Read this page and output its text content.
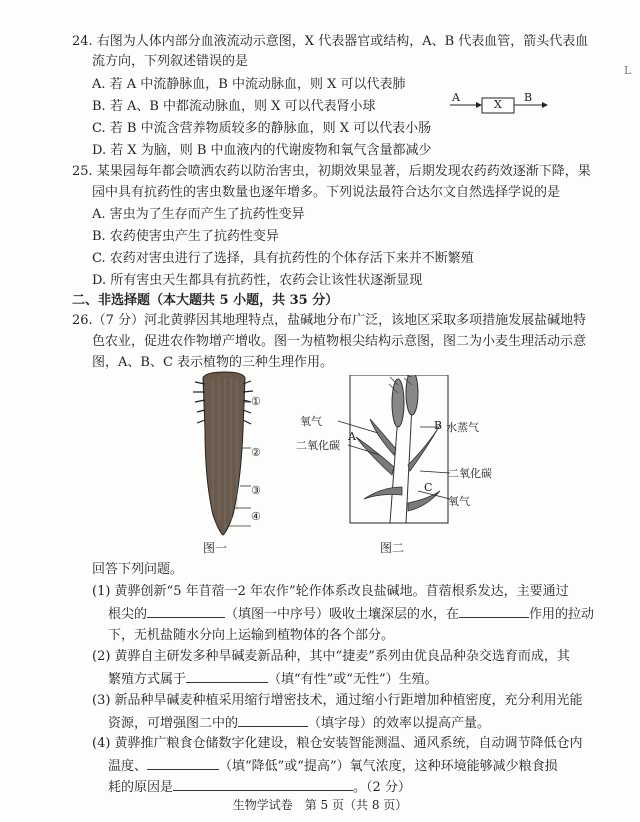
24. 右图为人体内部分血液流动示意图，X 代表器官或结构，A、B 代表血管，箭头代表血
流方向，下列叙述错误的是
A. 若 A 中流静脉血，B 中流动脉血，则 X 可以代表肺
B. 若 A、B 中都流动脉血，则 X 可以代表肾小球
C. 若 B 中流含营养物质较多的静脉血，则 X 可以代表小肠
D. 若 X 为脑，则 B 中血液内的代谢废物和氧气含量都减少
A
X
B
L
25. 某果园每年都会喷洒农药以防治害虫，初期效果显著，后期发现农药药效逐渐下降，果
园中具有抗药性的害虫数量也逐年增多。下列说法最符合达尔文自然选择学说的是
A. 害虫为了生存而产生了抗药性变异
B. 农药使害虫产生了抗药性变异
C. 农药对害虫进行了选择，具有抗药性的个体存活下来并不断繁殖
D. 所有害虫天生都具有抗药性，农药会让该性状逐渐显现
二、非选择题（本大题共 5 小题，共 35 分）
26.（7 分）河北黄骅因其地理特点，盐碱地分布广泛，该地区采取多项措施发展盐碱地特
色农业，促进农作物增产增收。图一为植物根尖结构示意图，图二为小麦生理活动示意
图，A、B、C 表示植物的三种生理作用。
①
②
③
④
图一
氧气
二氧化碳
A
B 水蒸气
二氧化碳
C
氧气
图二
回答下列问题。
(1) 黄骅创新“5 年苜蓿一2 年农作”轮作体系改良盐碱地。苜蓿根系发达，主要通过
根尖的	（填图一中序号）吸收土壤深层的水，在	作用的拉动
下，无机盐随水分向上运输到植物体的各个部分。
(2) 黄骅自主研发多种旱碱麦新品种，其中“捷麦”系列由优良品种杂交选育而成，其
繁殖方式属于	（填“有性”或“无性”）生殖。
(3) 新品种旱碱麦种植采用缩行增密技术，通过缩小行距增加种植密度，充分利用光能
资源，可增强图二中的	（填字母）的效率以提高产量。
(4) 黄骅推广粮食仓储数字化建设，粮仓安装智能测温、通风系统，自动调节降低仓内
温度、	（填“降低”或“提高”）氧气浓度，这种环境能够减少粮食损
耗的原因是	。（2 分）
生物学试卷　第 5 页（共 8 页）
